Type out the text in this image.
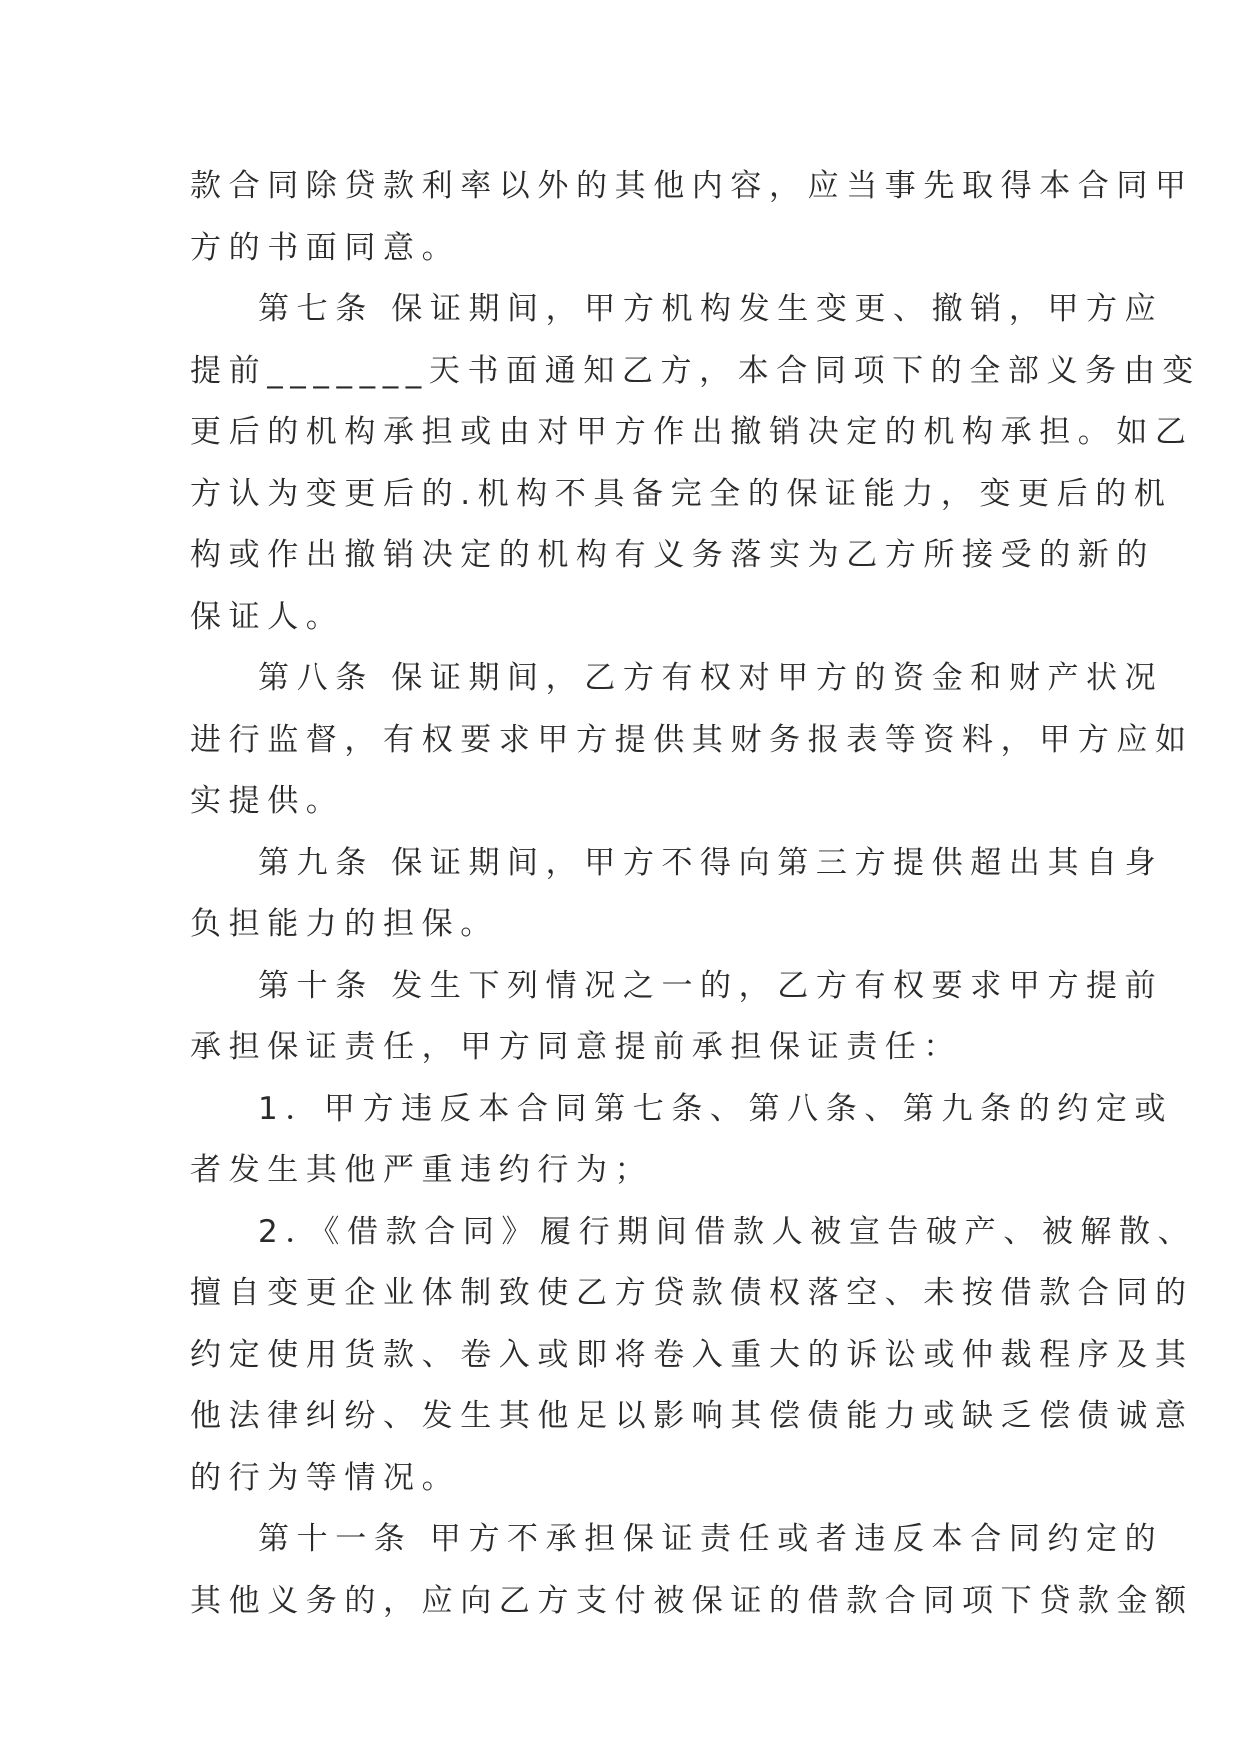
款合同除贷款利率以外的其他内容，应当事先取得本合同甲
方的书面同意。
第七条 保证期间，甲方机构发生变更、撤销，甲方应
提前_______天书面通知乙方，本合同项下的全部义务由变
更后的机构承担或由对甲方作出撤销决定的机构承担。如乙
方认为变更后的.机构不具备完全的保证能力，变更后的机
构或作出撤销决定的机构有义务落实为乙方所接受的新的
保证人。
第八条 保证期间，乙方有权对甲方的资金和财产状况
进行监督，有权要求甲方提供其财务报表等资料，甲方应如
实提供。
第九条 保证期间，甲方不得向第三方提供超出其自身
负担能力的担保。
第十条 发生下列情况之一的，乙方有权要求甲方提前
承担保证责任，甲方同意提前承担保证责任：
1．甲方违反本合同第七条、第八条、第九条的约定或
者发生其他严重违约行为；
2．《借款合同》履行期间借款人被宣告破产、被解散、
擅自变更企业体制致使乙方贷款债权落空、未按借款合同的
约定使用货款、卷入或即将卷入重大的诉讼或仲裁程序及其
他法律纠纷、发生其他足以影响其偿债能力或缺乏偿债诚意
的行为等情况。
第十一条 甲方不承担保证责任或者违反本合同约定的
其他义务的，应向乙方支付被保证的借款合同项下贷款金额
